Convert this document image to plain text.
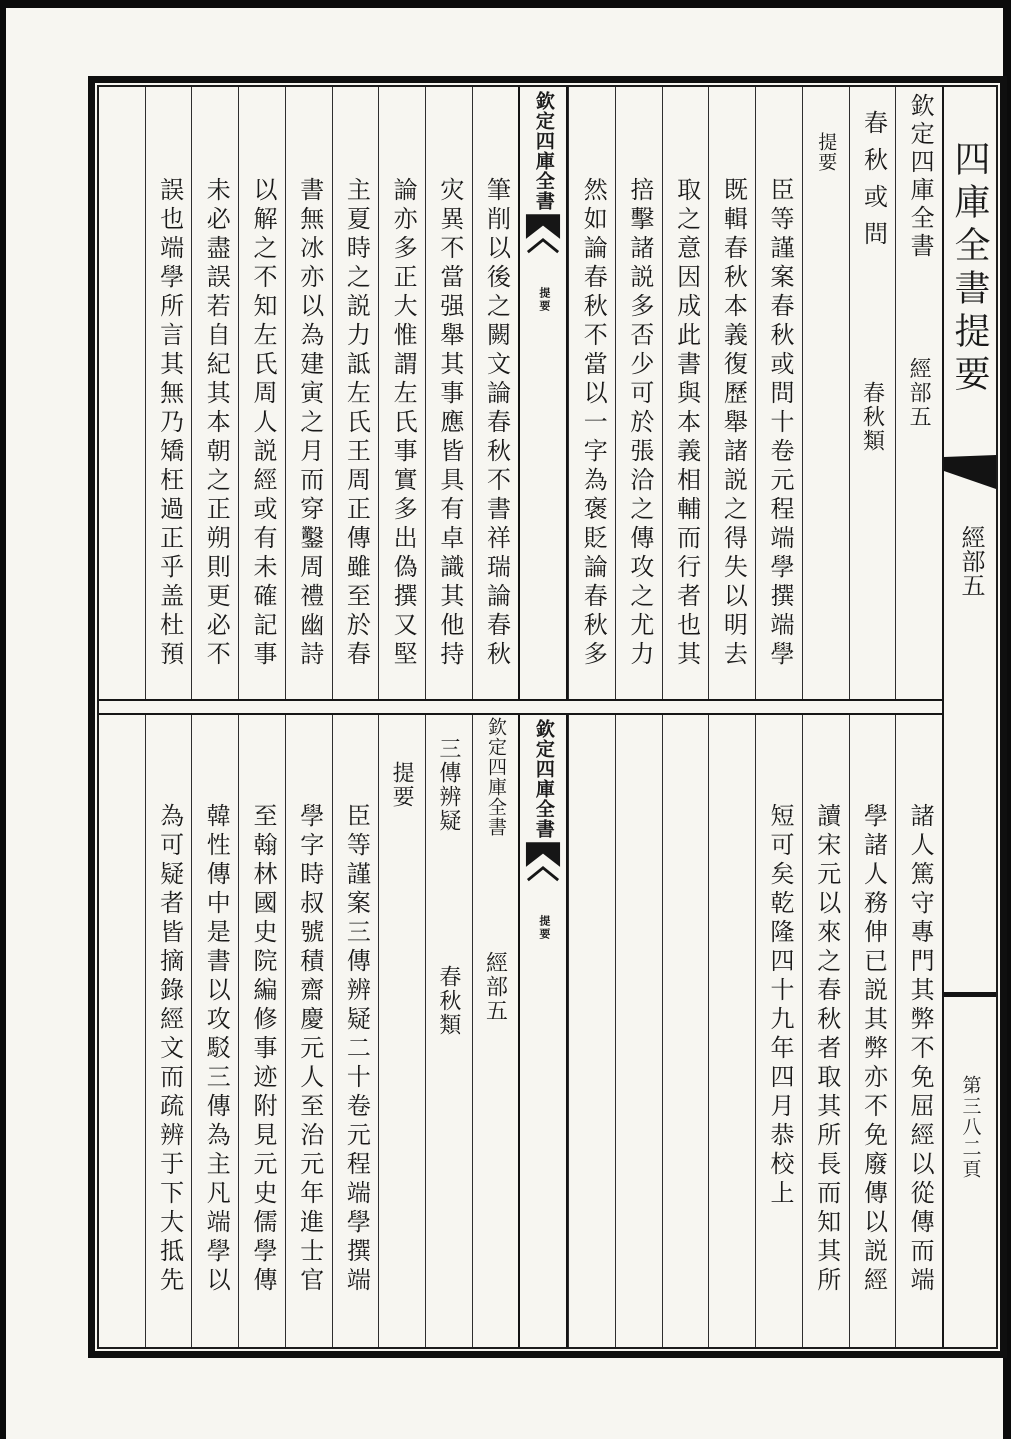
欽定四庫全書
經部五
春秋或問
春秋類
提要
臣等謹案春秋或問十卷元程端學撰端學
既輯春秋本義復歷舉諸説之得失以明去
取之意因成此書與本義相輔而行者也其
掊擊諸説多否少可於張洽之傳攻之尤力
然如論春秋不當以一字為褒貶論春秋多
欽定四庫全書
提要
筆削以後之闕文論春秋不書祥瑞論春秋
灾異不當强舉其事應皆具有卓識其他持
論亦多正大惟謂左氏事實多出偽撰又堅
主夏時之説力詆左氏王周正傳雖至於春
書無冰亦以為建寅之月而穿鑿周禮幽詩
以解之不知左氏周人説經或有未確記事
未必盡誤若自紀其本朝之正朔則更必不
誤也端學所言其無乃矯枉過正乎盖杜預
諸人篤守專門其弊不免屈經以從傳而端
學諸人務伸已説其弊亦不免廢傳以説經
讀宋元以來之春秋者取其所長而知其所
短可矣乾隆四十九年四月恭校上
欽定四庫全書
提要
欽定四庫全書
經部五
三傳辨疑
春秋類
提要
臣等謹案三傳辨疑二十卷元程端學撰端
學字時叔號積齋慶元人至治元年進士官
至翰林國史院編修事迹附見元史儒學傳
韓性傳中是書以攻駁三傳為主凡端學以
為可疑者皆摘錄經文而疏辨于下大抵先
四庫全書提要
經部五
第三八二頁
